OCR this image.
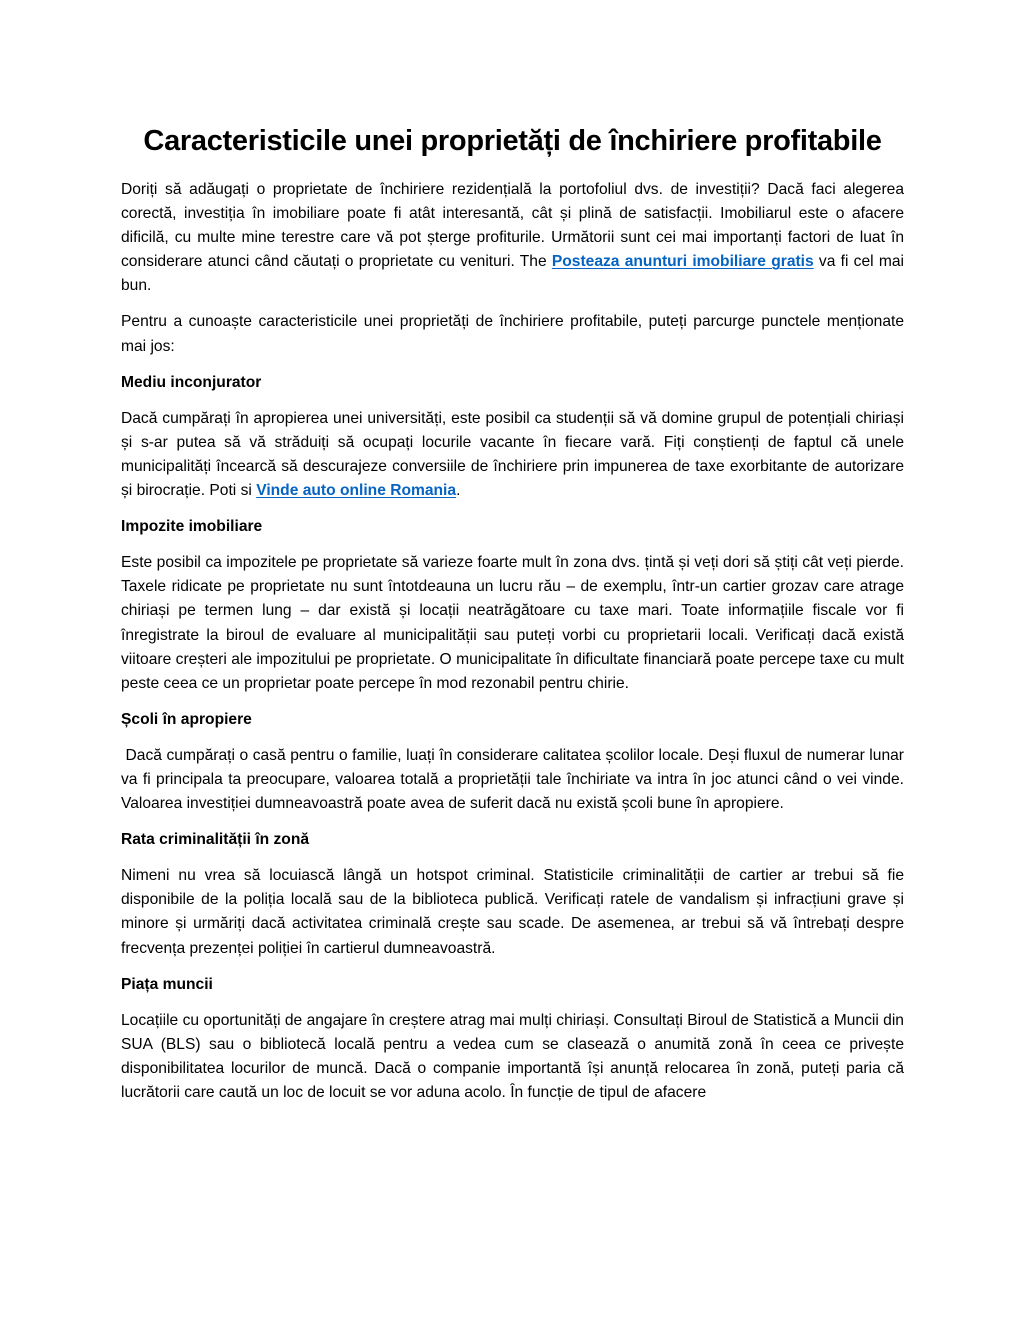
Caracteristicile unei proprietăți de închiriere profitabile

Doriți să adăugați o proprietate de închiriere rezidențială la portofoliul dvs. de investiții? Dacă faci alegerea corectă, investiția în imobiliare poate fi atât interesantă, cât și plină de satisfacții. Imobiliarul este o afacere dificilă, cu multe mine terestre care vă pot șterge profiturile. Următorii sunt cei mai importanți factori de luat în considerare atunci când căutați o proprietate cu venituri. The Posteaza anunturi imobiliare gratis va fi cel mai bun.

Pentru a cunoaște caracteristicile unei proprietăți de închiriere profitabile, puteți parcurge punctele menționate mai jos:

Mediu inconjurator

Dacă cumpărați în apropierea unei universități, este posibil ca studenții să vă domine grupul de potențiali chiriași și s-ar putea să vă străduiți să ocupați locurile vacante în fiecare vară. Fiți conștienți de faptul că unele municipalități încearcă să descurajeze conversiile de închiriere prin impunerea de taxe exorbitante de autorizare și birocrație. Poti si Vinde auto online Romania.

Impozite imobiliare

Este posibil ca impozitele pe proprietate să varieze foarte mult în zona dvs. țintă și veți dori să știți cât veți pierde. Taxele ridicate pe proprietate nu sunt întotdeauna un lucru rău – de exemplu, într-un cartier grozav care atrage chiriași pe termen lung – dar există și locații neatrăgătoare cu taxe mari. Toate informațiile fiscale vor fi înregistrate la biroul de evaluare al municipalității sau puteți vorbi cu proprietarii locali. Verificați dacă există viitoare creșteri ale impozitului pe proprietate. O municipalitate în dificultate financiară poate percepe taxe cu mult peste ceea ce un proprietar poate percepe în mod rezonabil pentru chirie.

Școli în apropiere

Dacă cumpărați o casă pentru o familie, luați în considerare calitatea școlilor locale. Deși fluxul de numerar lunar va fi principala ta preocupare, valoarea totală a proprietății tale închiriate va intra în joc atunci când o vei vinde. Valoarea investiției dumneavoastră poate avea de suferit dacă nu există școli bune în apropiere.

Rata criminalității în zonă

Nimeni nu vrea să locuiască lângă un hotspot criminal. Statisticile criminalității de cartier ar trebui să fie disponibile de la poliția locală sau de la biblioteca publică. Verificați ratele de vandalism și infracțiuni grave și minore și urmăriți dacă activitatea criminală crește sau scade. De asemenea, ar trebui să vă întrebați despre frecvența prezenței poliției în cartierul dumneavoastră.

Piața muncii

Locațiile cu oportunități de angajare în creștere atrag mai mulți chiriași. Consultați Biroul de Statistică a Muncii din SUA (BLS) sau o bibliotecă locală pentru a vedea cum se clasează o anumită zonă în ceea ce privește disponibilitatea locurilor de muncă. Dacă o companie importantă își anunță relocarea în zonă, puteți paria că lucrătorii care caută un loc de locuit se vor aduna acolo. În funcție de tipul de afacere
